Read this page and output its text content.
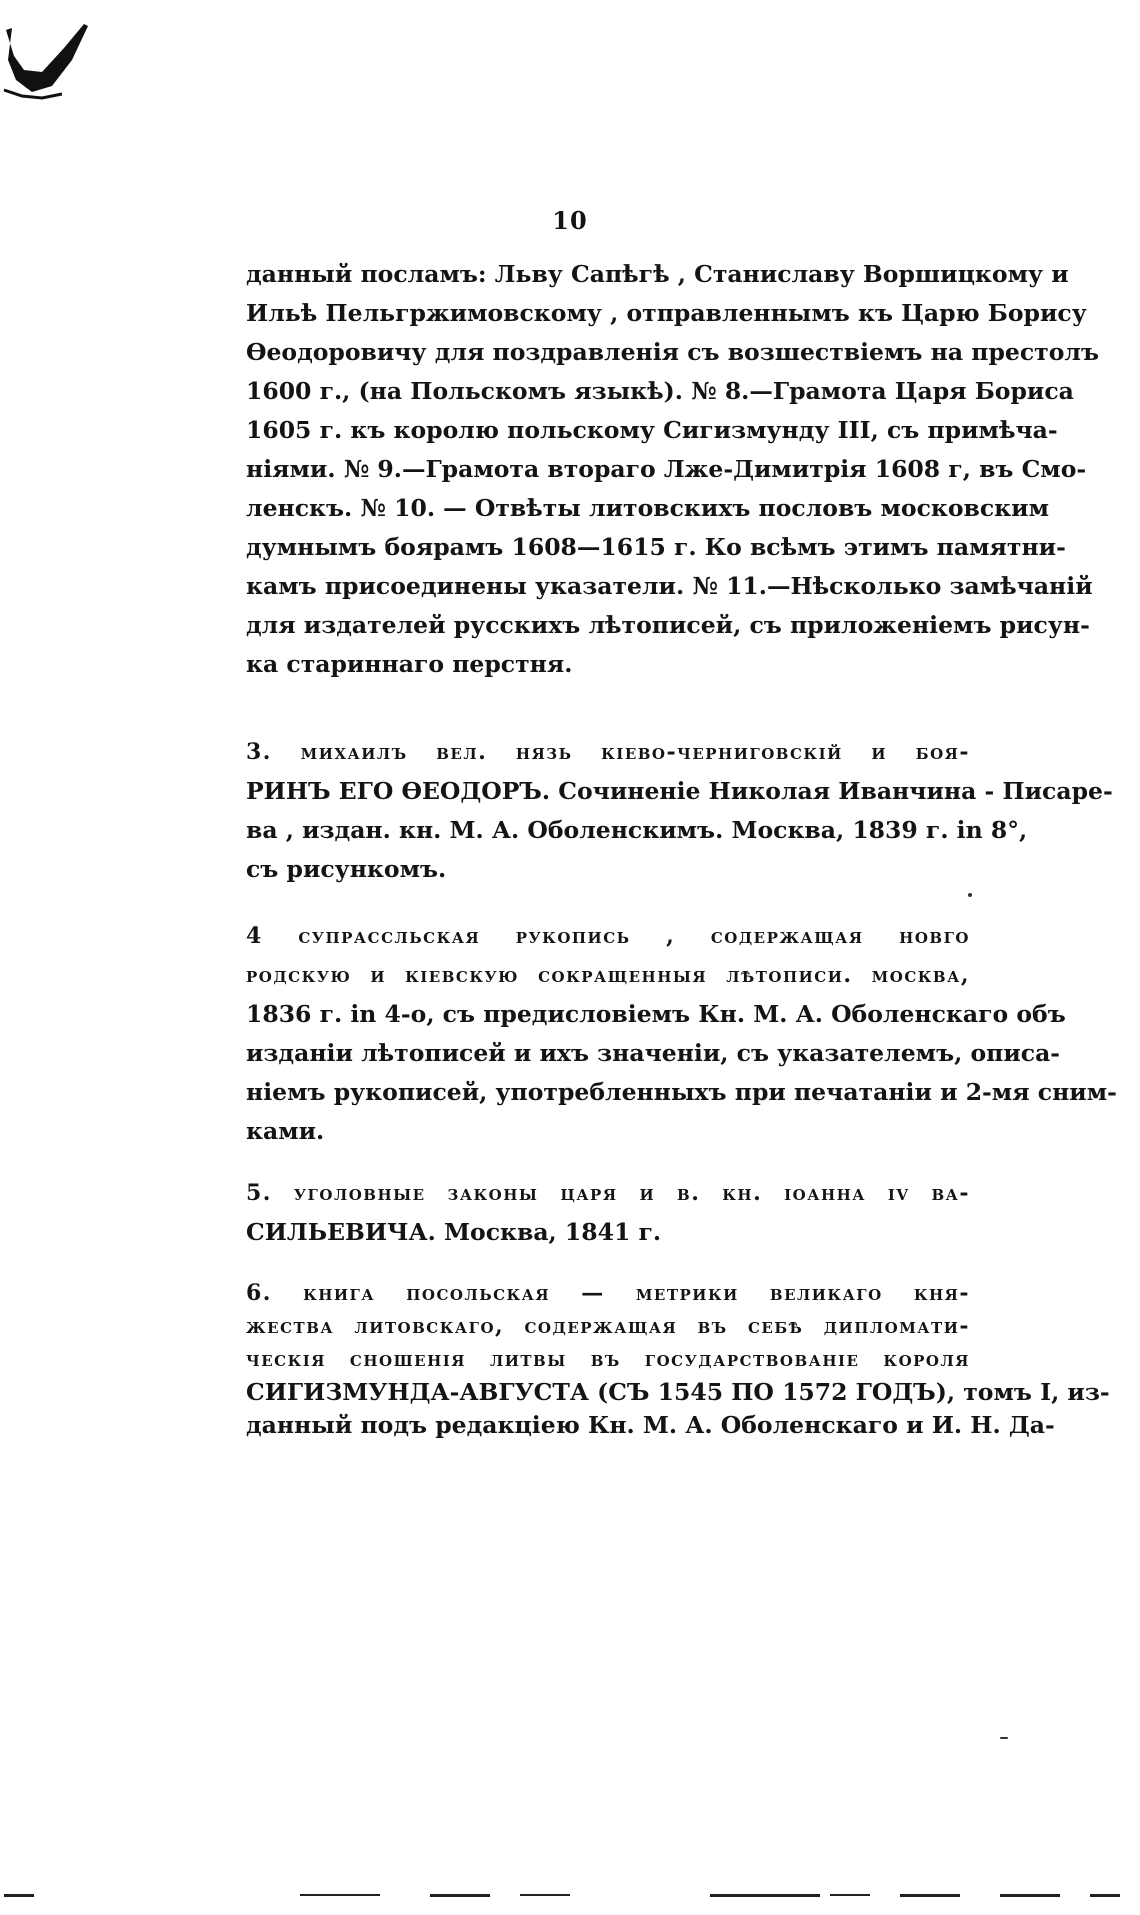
10
данный посламъ: Льву Сапѣгѣ , Станиславу Воршицкому и
Ильѣ Пельгржимовскому , отправленнымъ къ Царю Борису
Ѳеодоровичу для поздравленія съ возшествіемъ на престолъ
1600 г., (на Польскомъ языкѣ). № 8.—Грамота Царя Бориса
1605 г. къ королю польскому Сигизмунду III, съ примѣча-
ніями. № 9.—Грамота втораго Лже-Димитрія 1608 г, въ Смо-
ленскъ. № 10. — Отвѣты литовскихъ пословъ московским
думнымъ боярамъ 1608—1615 г. Ко всѣмъ этимъ памятни-
камъ присоединены указатели. № 11.—Нѣсколько замѣчаній
для издателей русскихъ лѣтописей, съ приложеніемъ рисун-
ка стариннаго перстня.
3. михаилъ вел. нязь кіево-черниговскій и боя-
РИНЪ ЕГО ѲЕОДОРЪ. Сочиненіе Николая Иванчина - Писаре-
ва , издан. кн. М. А. Оболенскимъ. Москва, 1839 г. in 8°,
съ рисункомъ.
4 супрассльская рукопись , содержащая новго
родскую и кіевскую сокращенныя лѣтописи. москва,
1836 г. in 4-о, съ предисловіемъ Кн. М. А. Оболенскаго объ
изданіи лѣтописей и ихъ значеніи, съ указателемъ, описа-
ніемъ рукописей, употребленныхъ при печатаніи и 2-мя сним-
ками.
5. уголовные законы царя и в. кн. іоанна iv ва-
СИЛЬЕВИЧА. Москва, 1841 г.
6. книга посольская — метрики великаго кня-
жества литовскаго, содержащая въ себѣ дипломати-
ческія сношенія литвы въ государствованіе короля
СИГИЗМУНДА-АВГУСТА (СЪ 1545 ПО 1572 ГОДЪ), томъ I, из-
данный подъ редакціею Кн. М. А. Оболенскаго и И. Н. Да-
